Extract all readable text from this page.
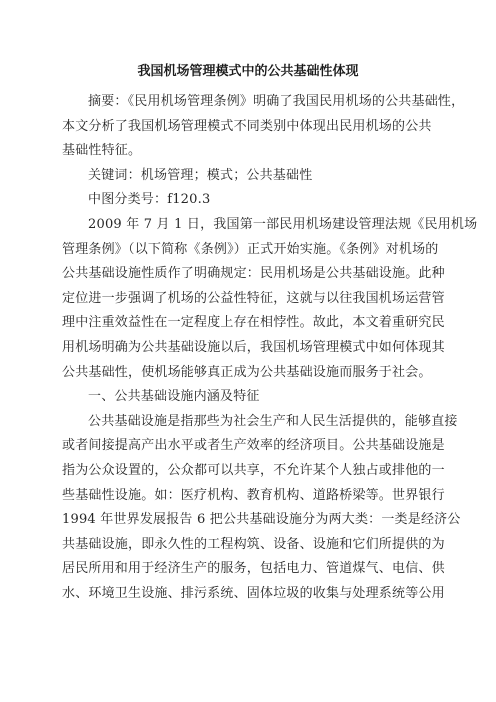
我国机场管理模式中的公共基础性体现

摘要：《民用机场管理条例》明确了我国民用机场的公共基础性，
本文分析了我国机场管理模式不同类别中体现出民用机场的公共
基础性特征。

关键词：机场管理；模式；公共基础性

中图分类号：f120.3

2009 年 7 月 1 日，我国第一部民用机场建设管理法规《民用机场
管理条例》（以下简称《条例》）正式开始实施。《条例》对机场的
公共基础设施性质作了明确规定：民用机场是公共基础设施。此种
定位进一步强调了机场的公益性特征，这就与以往我国机场运营管
理中注重效益性在一定程度上存在相悖性。故此，本文着重研究民
用机场明确为公共基础设施以后，我国机场管理模式中如何体现其
公共基础性，使机场能够真正成为公共基础设施而服务于社会。

一、公共基础设施内涵及特征

公共基础设施是指那些为社会生产和人民生活提供的，能够直接
或者间接提高产出水平或者生产效率的经济项目。公共基础设施是
指为公众设置的，公众都可以共享，不允许某个人独占或排他的一
些基础性设施。如：医疗机构、教育机构、道路桥梁等。世界银行
1994 年世界发展报告 6 把公共基础设施分为两大类：一类是经济公
共基础设施，即永久性的工程构筑、设备、设施和它们所提供的为
居民所用和用于经济生产的服务，包括电力、管道煤气、电信、供
水、环境卫生设施、排污系统、固体垃圾的收集与处理系统等公用
